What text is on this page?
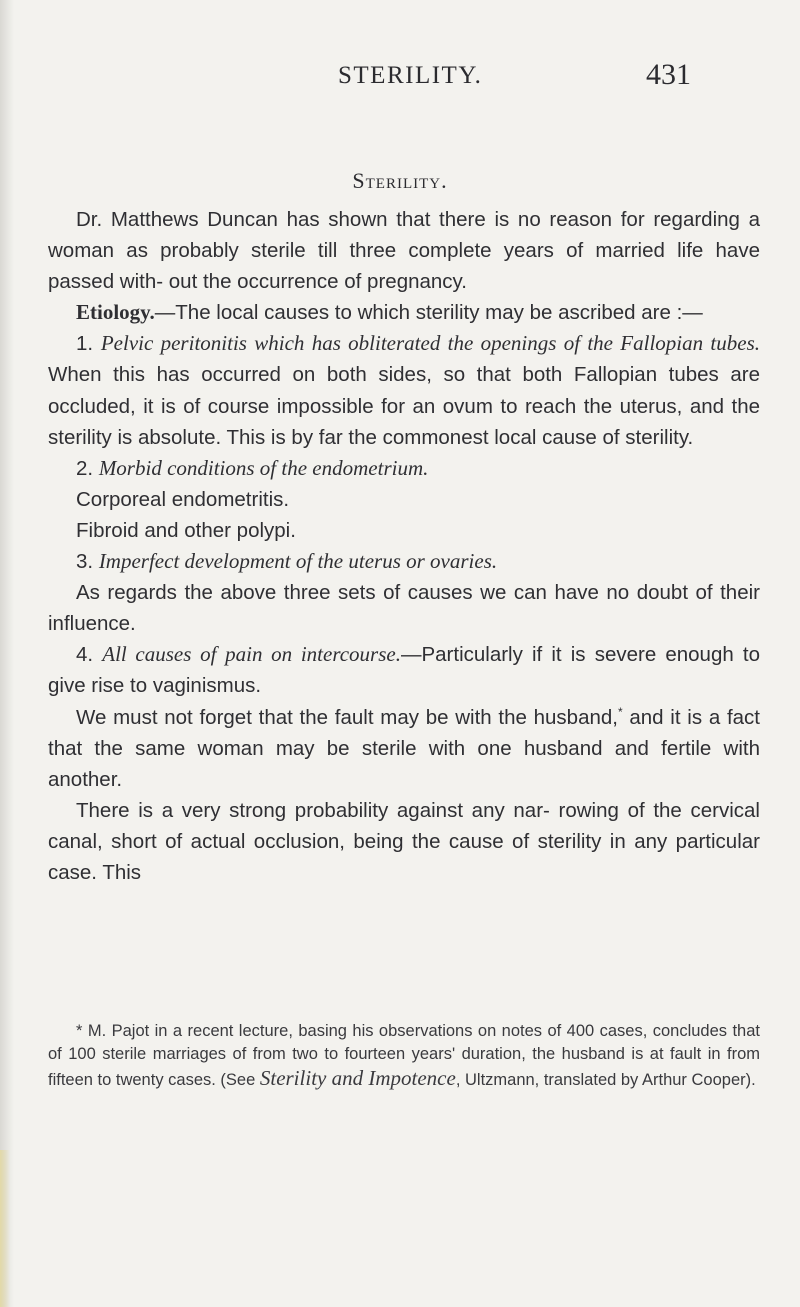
STERILITY.	431
Sterility.

Dr. Matthews Duncan has shown that there is no reason for regarding a woman as probably sterile till three complete years of married life have passed with- out the occurrence of pregnancy.

Etiology.—The local causes to which sterility may be ascribed are :—

1. Pelvic peritonitis which has obliterated the openings of the Fallopian tubes. When this has occurred on both sides, so that both Fallopian tubes are occluded, it is of course impossible for an ovum to reach the uterus, and the sterility is absolute. This is by far the commonest local cause of sterility.

2. Morbid conditions of the endometrium.

Corporeal endometritis.

Fibroid and other polypi.

3. Imperfect development of the uterus or ovaries.

As regards the above three sets of causes we can have no doubt of their influence.

4. All causes of pain on intercourse.—Particularly if it is severe enough to give rise to vaginismus.

We must not forget that the fault may be with the husband,* and it is a fact that the same woman may be sterile with one husband and fertile with another.

There is a very strong probability against any nar- rowing of the cervical canal, short of actual occlusion, being the cause of sterility in any particular case. This

* M. Pajot in a recent lecture, basing his observations on notes of 400 cases, concludes that of 100 sterile marriages of from two to fourteen years' duration, the husband is at fault in from fifteen to twenty cases. (See Sterility and Impotence, Ultzmann, translated by Arthur Cooper).
